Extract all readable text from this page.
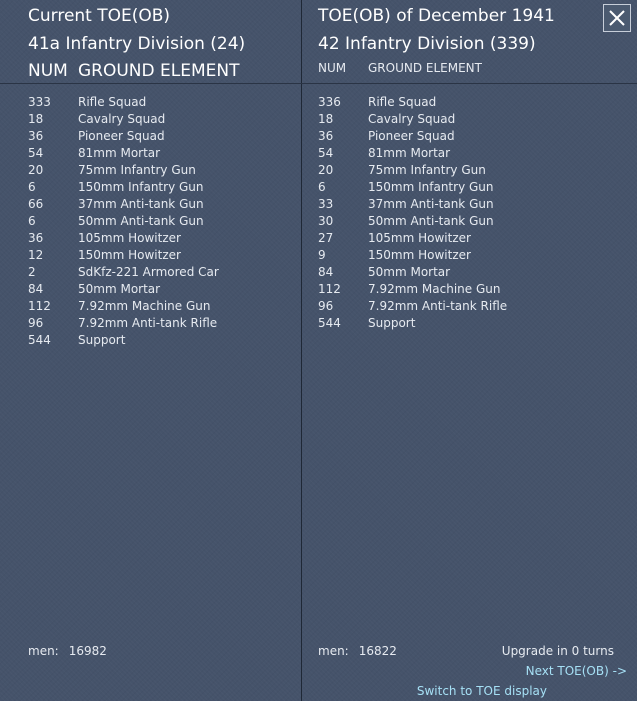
Current TOE(OB)
41a Infantry Division (24)
NUM GROUND ELEMENT
333 Rifle Squad
18	Cavalry Squad
36	Pioneer Squad
54	81mm Mortar
20	75mm Infantry Gun
6	150mm Infantry Gun
66	37mm Anti-tank Gun
6	50mm Anti-tank Gun
36	105mm Howitzer
12	150mm Howitzer
2	SdKfz-221 Armored Car
84	50mm Mortar
112 7.92mm Machine Gun
96	7.92mm Anti-tank Rifle
544 Support
men: 16982
TOE(OB) of December 1941
42 Infantry Division (339)
NUM GROUND ELEMENT
336 Rifle Squad
18	Cavalry Squad
36	Pioneer Squad
54	81mm Mortar
20	75mm Infantry Gun
6	150mm Infantry Gun
33	37mm Anti-tank Gun
30	50mm Anti-tank Gun
27	105mm Howitzer
9	150mm Howitzer
84	50mm Mortar
112 7.92mm Machine Gun
96	7.92mm Anti-tank Rifle
544 Support
men: 16822	Upgrade in 0 turns
Next TOE(OB) ->
Switch to TOE display
